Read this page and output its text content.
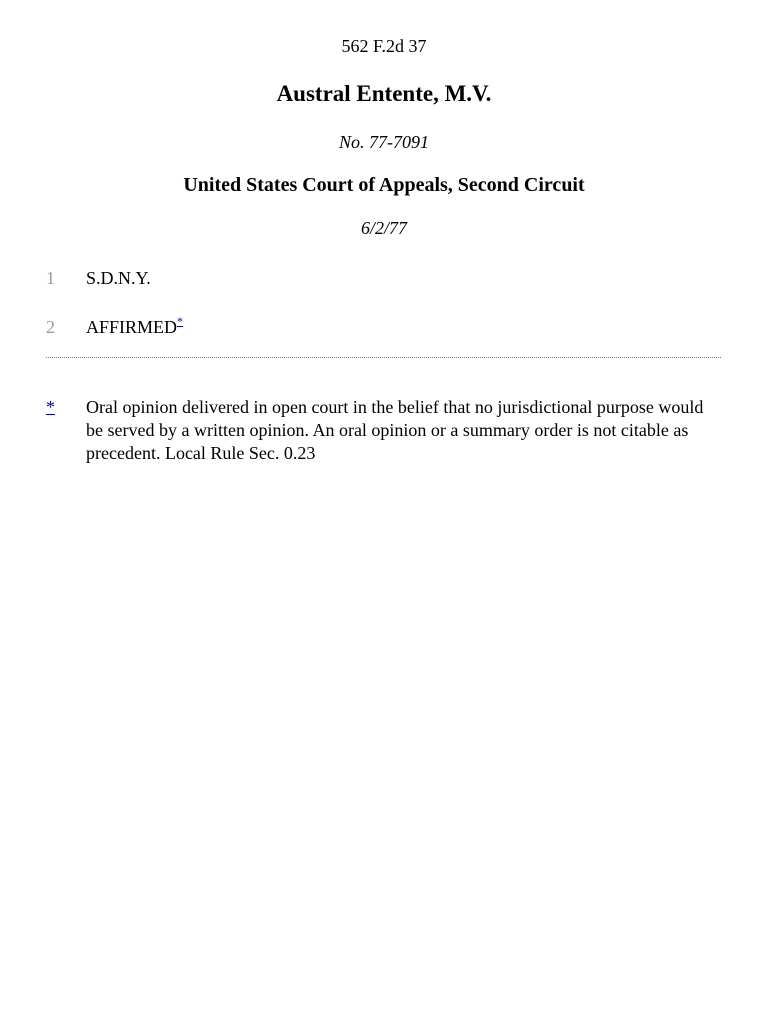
562 F.2d 37
Austral Entente, M.V.
No. 77-7091
United States Court of Appeals, Second Circuit
6/2/77
1	S.D.N.Y.
2	AFFIRMED*
* Oral opinion delivered in open court in the belief that no jurisdictional purpose would be served by a written opinion. An oral opinion or a summary order is not citable as precedent. Local Rule Sec. 0.23
